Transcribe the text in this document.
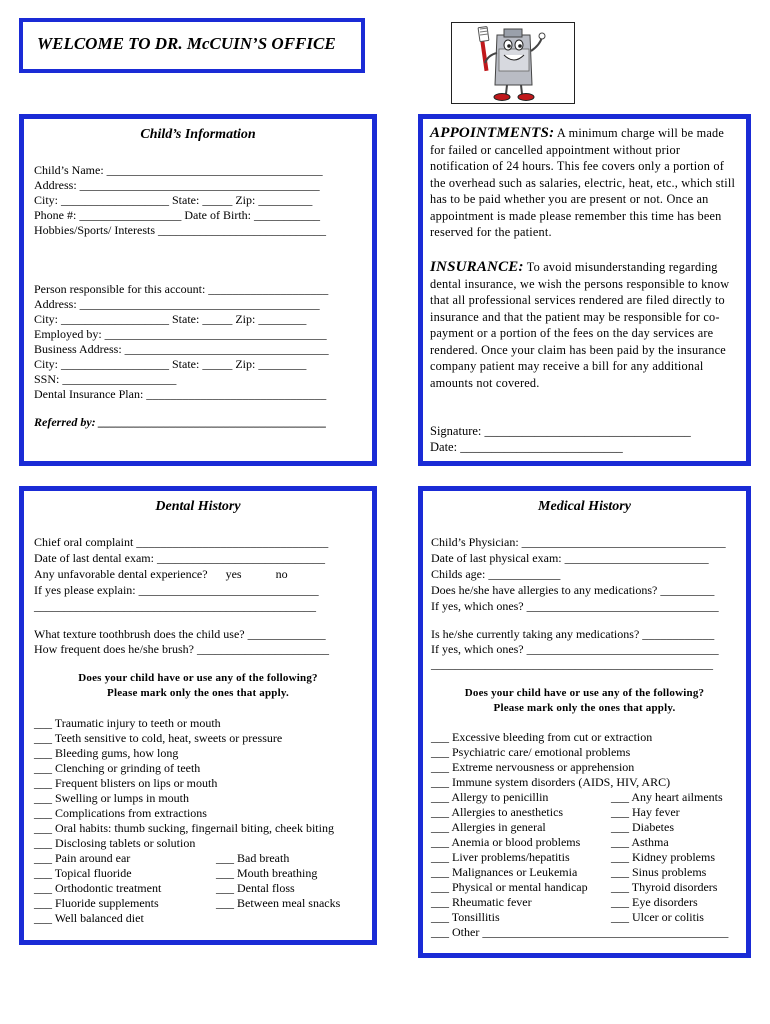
WELCOME TO DR. McCUIN’S OFFICE
Child’s Information
Child’s Name: ____________________________________
Address: ________________________________________
City: __________________ State: _____ Zip: _________
Phone #: _________________ Date of Birth: ___________
Hobbies/Sports/ Interests ____________________________
Person responsible for this account: ____________________
Address: ________________________________________
City: __________________ State: _____ Zip: ________
Employed by: _____________________________________
Business Address: __________________________________
City: __________________ State: _____ Zip: ________
SSN: ___________________
Dental Insurance Plan: ______________________________
Referred by: ______________________________________
APPOINTMENTS: A minimum charge will be made for failed or cancelled appointment without prior notification of 24 hours. This fee covers only a portion of the overhead such as salaries, electric, heat, etc., which still has to be paid whether you are present or not. Once an appointment is made please remember this time has been reserved for the patient.
INSURANCE: To avoid misunderstanding regarding dental insurance, we wish the persons responsible to know that all professional services rendered are filed directly to insurance and that the patient may be responsible for co-payment or a portion of the fees on the day services are rendered. Once your claim has been paid by the insurance company patient may receive a bill for any additional amounts not covered.
Signature: _________________________________
Date: __________________________
Dental History
Chief oral complaint ________________________________
Date of last dental exam: ____________________________
Any unfavorable dental experience? yes	no
If yes please explain: ______________________________
_______________________________________________
What texture toothbrush does the child use? _____________
How frequent does he/she brush? ______________________
Does your child have or use any of the following?
Please mark only the ones that apply.
___ Traumatic injury to teeth or mouth
___ Teeth sensitive to cold, heat, sweets or pressure
___ Bleeding gums, how long
___ Clenching or grinding of teeth
___ Frequent blisters on lips or mouth
___ Swelling or lumps in mouth
___ Complications from extractions
___ Oral habits: thumb sucking, fingernail biting, cheek biting
___ Disclosing tablets or solution
___ Pain around ear
___ Topical fluoride
___ Orthodontic treatment
___ Fluoride supplements
___ Well balanced diet
___ Bad breath
___ Mouth breathing
___ Dental floss
___ Between meal snacks
Medical History
Child’s Physician: __________________________________
Date of last physical exam: ________________________
Childs age: ____________
Does he/she have allergies to any medications? _________
If yes, which ones? ________________________________
Is he/she currently taking any medications? ____________
If yes, which ones? ________________________________
_______________________________________________
Does your child have or use any of the following?
Please mark only the ones that apply.
___ Excessive bleeding from cut or extraction
___ Psychiatric care/ emotional problems
___ Extreme nervousness or apprehension
___ Immune system disorders (AIDS, HIV, ARC)
___ Allergy to penicillin
___ Allergies to anesthetics
___ Allergies in general
___ Anemia or blood problems
___ Liver problems/hepatitis
___ Malignances or Leukemia
___ Physical or mental handicap
___ Rheumatic fever
___ Tonsillitis
___ Any heart ailments
___ Hay fever
___ Diabetes
___ Asthma
___ Kidney problems
___ Sinus problems
___ Thyroid disorders
___ Eye disorders
___ Ulcer or colitis
___ Other _________________________________________
